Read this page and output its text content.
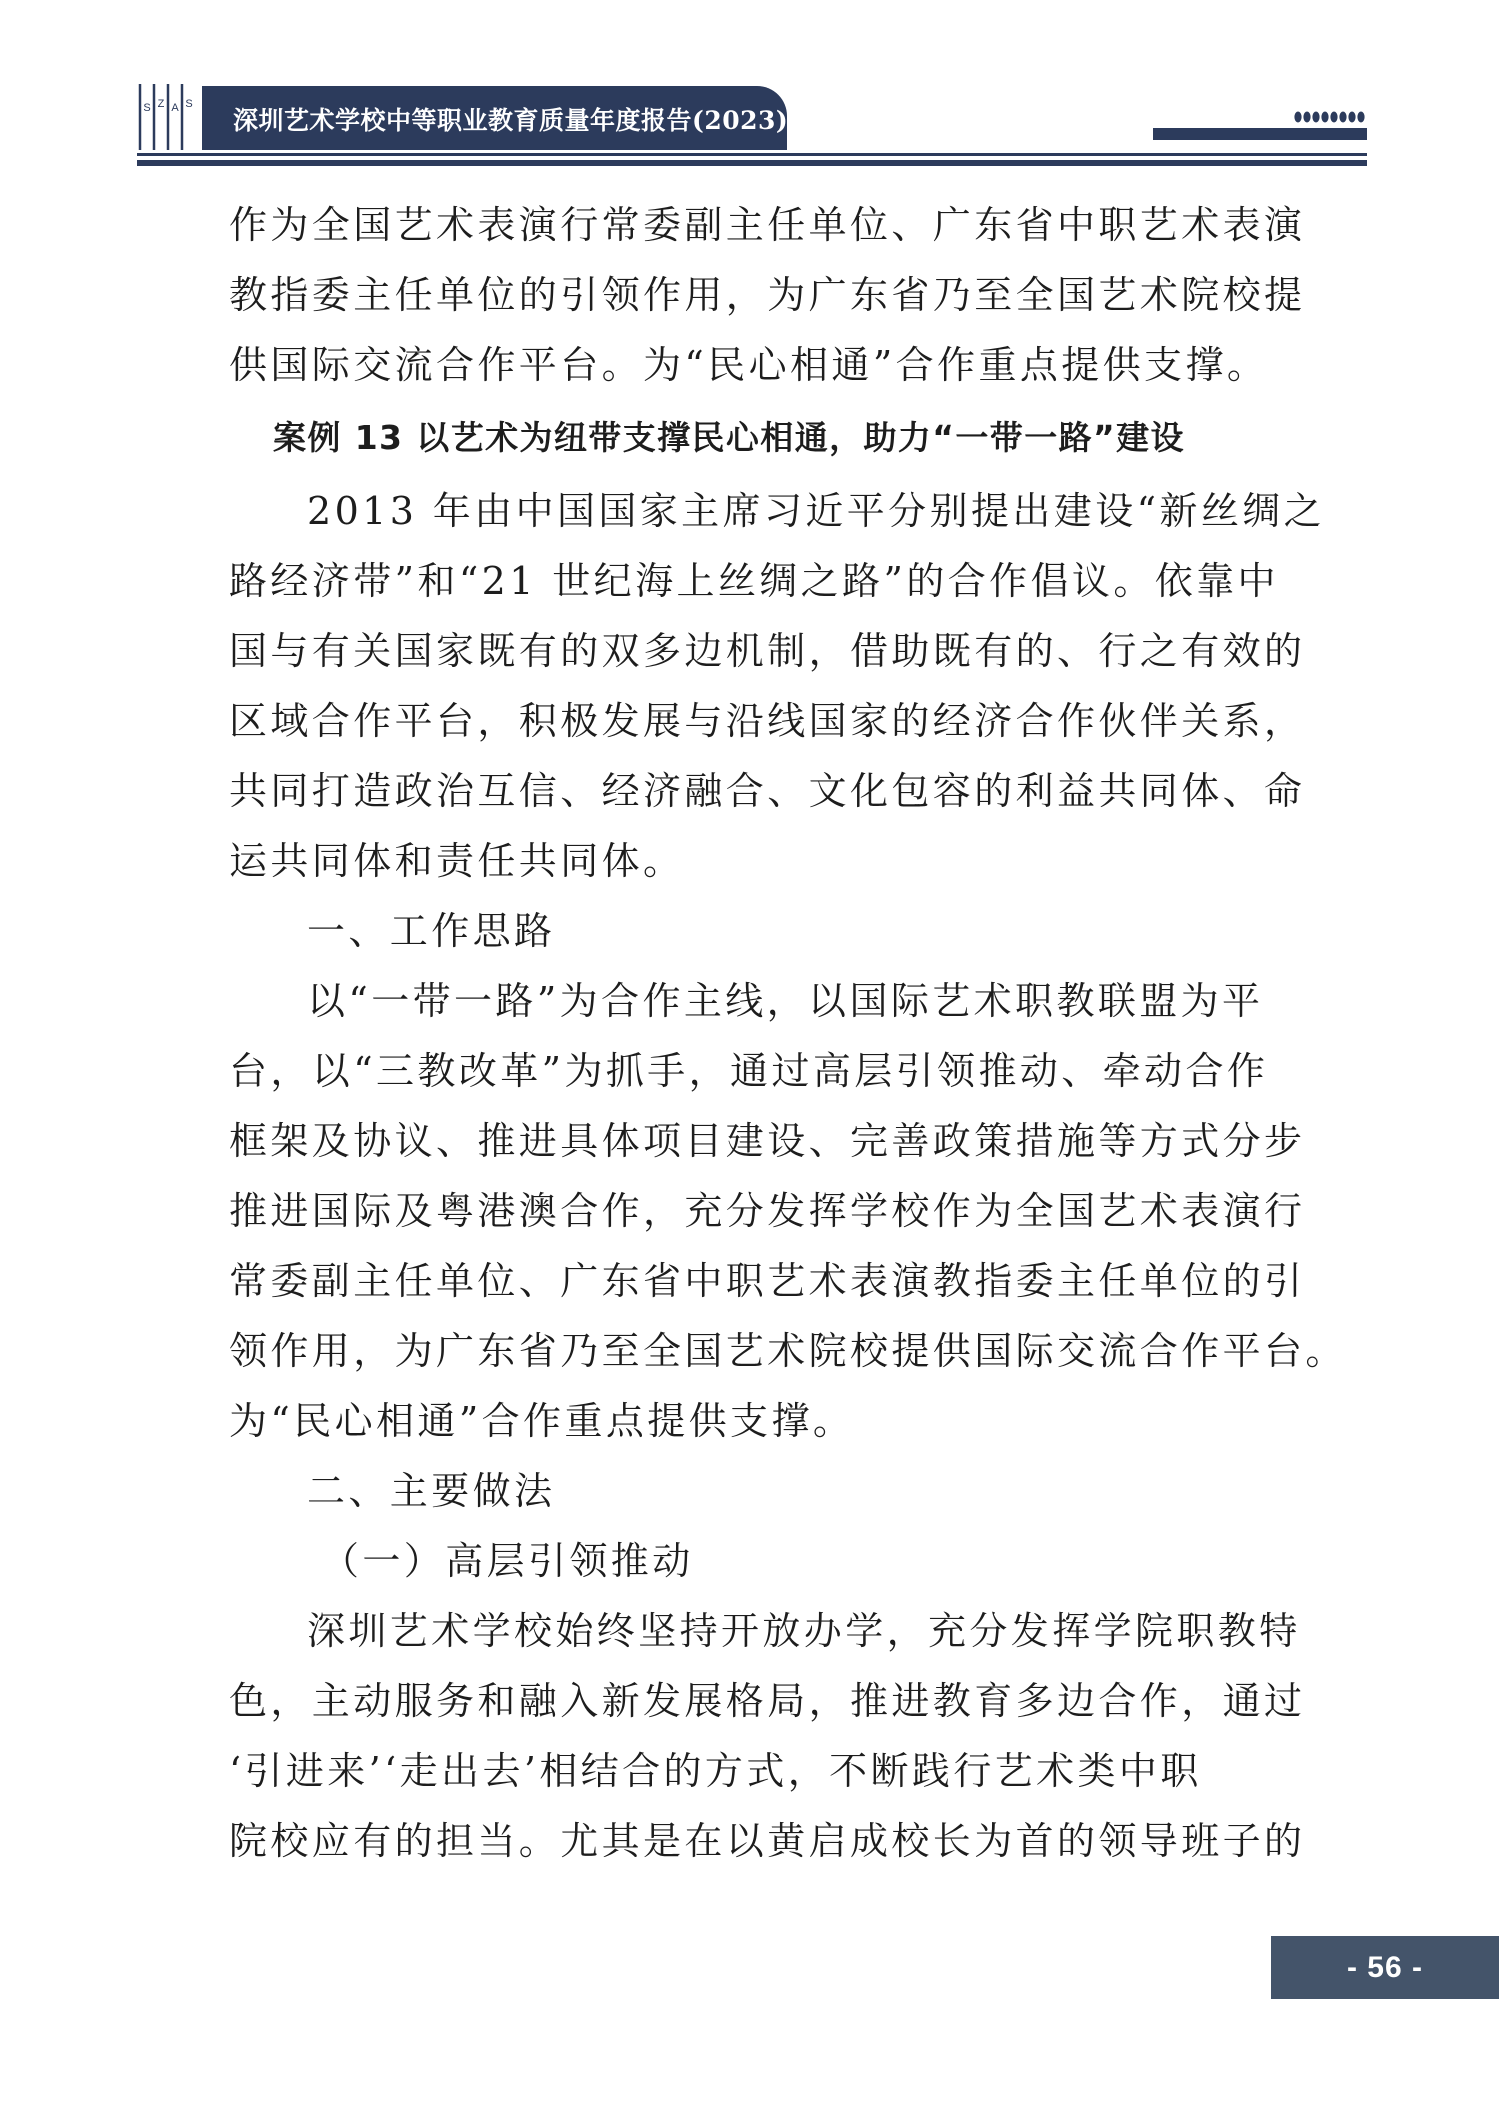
S Z A S
深圳艺术学校中等职业教育质量年度报告(2023)
作为全国艺术表演行常委副主任单位、广东省中职艺术表演
教指委主任单位的引领作用，为广东省乃至全国艺术院校提
供国际交流合作平台。为“民心相通”合作重点提供支撑。
案例 13 以艺术为纽带支撑民心相通，助力“一带一路”建设
2013 年由中国国家主席习近平分别提出建设“新丝绸之
路经济带”和“21 世纪海上丝绸之路”的合作倡议。依靠中
国与有关国家既有的双多边机制，借助既有的、行之有效的
区域合作平台，积极发展与沿线国家的经济合作伙伴关系，
共同打造政治互信、经济融合、文化包容的利益共同体、命
运共同体和责任共同体。
一、工作思路
以“一带一路”为合作主线，以国际艺术职教联盟为平
台，以“三教改革”为抓手，通过高层引领推动、牵动合作
框架及协议、推进具体项目建设、完善政策措施等方式分步
推进国际及粤港澳合作，充分发挥学校作为全国艺术表演行
常委副主任单位、广东省中职艺术表演教指委主任单位的引
领作用，为广东省乃至全国艺术院校提供国际交流合作平台。
为“民心相通”合作重点提供支撑。
二、主要做法
（一）高层引领推动
深圳艺术学校始终坚持开放办学，充分发挥学院职教特
色，主动服务和融入新发展格局，推进教育多边合作，通过
‘引进来’‘走出去’相结合的方式，不断践行艺术类中职
院校应有的担当。尤其是在以黄启成校长为首的领导班子的
- 56 -
